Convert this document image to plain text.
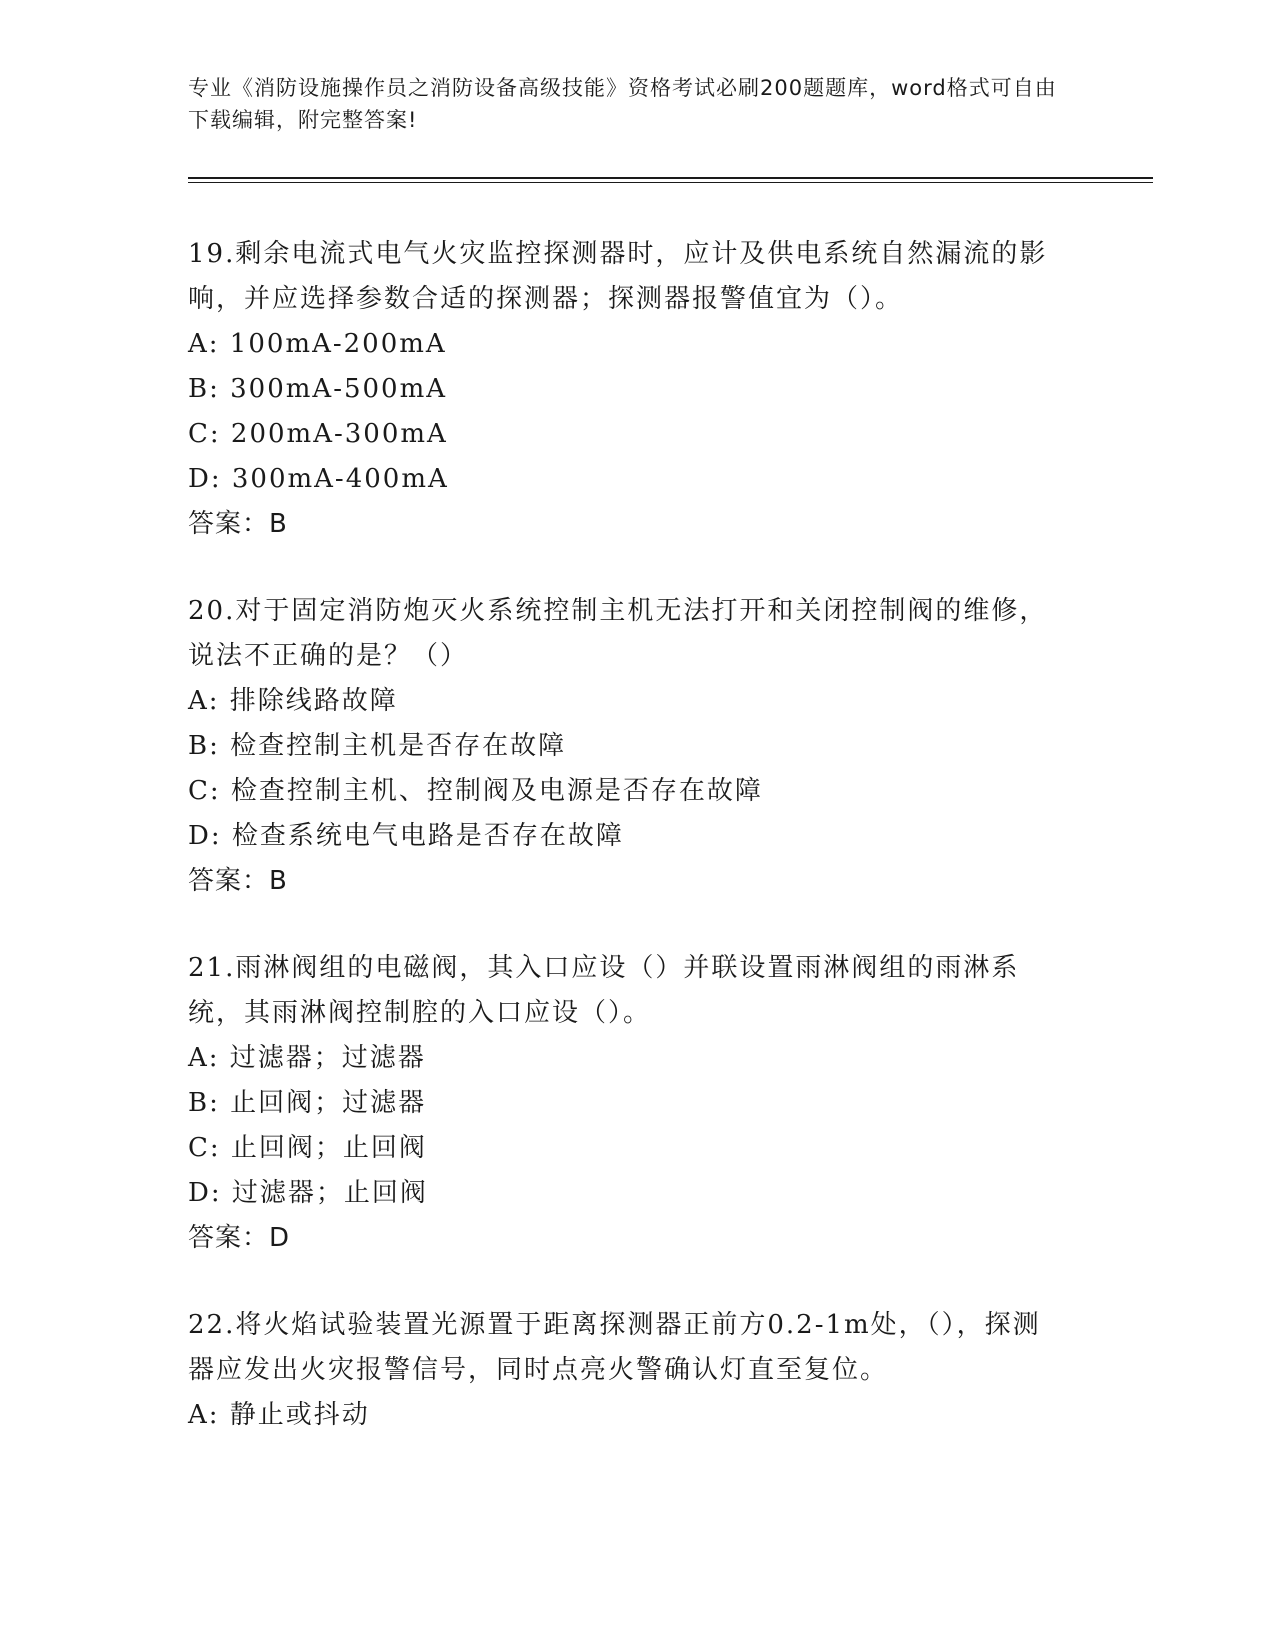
专业《消防设施操作员之消防设备高级技能》资格考试必刷200题题库，word格式可自由下载编辑，附完整答案!
19.剩余电流式电气火灾监控探测器时，应计及供电系统自然漏流的影响，并应选择参数合适的探测器；探测器报警值宜为（）。
A: 100mA-200mA
B: 300mA-500mA
C: 200mA-300mA
D: 300mA-400mA
答案：B
20.对于固定消防炮灭火系统控制主机无法打开和关闭控制阀的维修，说法不正确的是？（）
A: 排除线路故障
B: 检查控制主机是否存在故障
C: 检查控制主机、控制阀及电源是否存在故障
D: 检查系统电气电路是否存在故障
答案：B
21.雨淋阀组的电磁阀，其入口应设（）并联设置雨淋阀组的雨淋系统，其雨淋阀控制腔的入口应设（）。
A: 过滤器；过滤器
B: 止回阀；过滤器
C: 止回阀；止回阀
D: 过滤器；止回阀
答案：D
22.将火焰试验装置光源置于距离探测器正前方0.2-1m处，（），探测器应发出火灾报警信号，同时点亮火警确认灯直至复位。
A: 静止或抖动
